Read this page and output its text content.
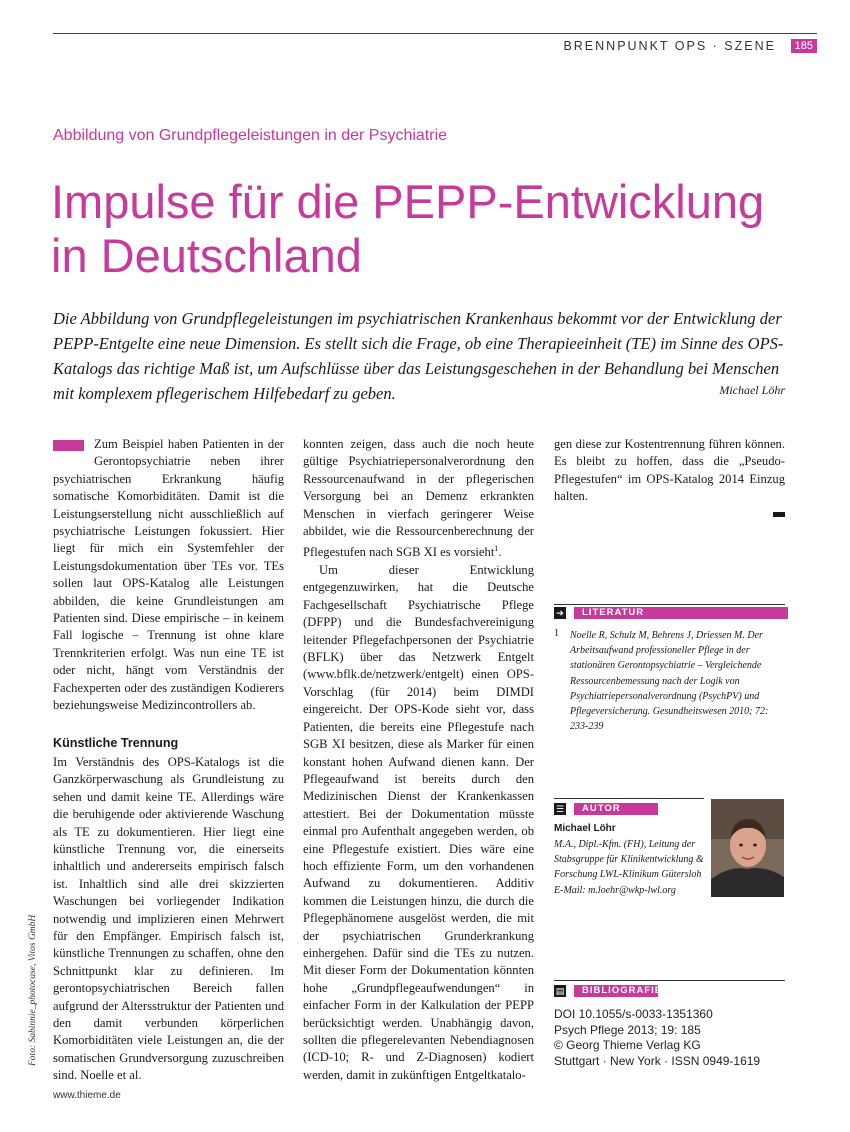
BRENNPUNKT OPS · SZENE	185
Abbildung von Grundpflegeleistungen in der Psychiatrie
Impulse für die PEPP-Entwicklung
in Deutschland
Die Abbildung von Grundpflegeleistungen im psychiatrischen Krankenhaus bekommt vor der Entwicklung der PEPP-Entgelte eine neue Dimension. Es stellt sich die Frage, ob eine Therapieeinheit (TE) im Sinne des OPS-Katalogs das richtige Maß ist, um Aufschlüsse über das Leistungsgeschehen in der Behandlung bei Menschen mit komplexem pflegerischem Hilfebedarf zu geben.	Michael Löhr

Zum Beispiel haben Patienten in der Gerontopsychiatrie neben ihrer psychiatrischen Erkrankung häufig somatische Komorbiditäten. Damit ist die Leistungserstellung nicht ausschließlich auf psychiatrische Leistungen fokussiert. Hier liegt für mich ein Systemfehler der Leistungsdokumentation über TEs vor. TEs sollen laut OPS-Katalog alle Leistungen abbilden, die keine Grundleistungen am Patienten sind. Diese empirische – in keinem Fall logische – Trennung ist ohne klare Trennkriterien erfolgt. Was nun eine TE ist oder nicht, hängt vom Verständnis der Fachexperten oder des zuständigen Kodierers beziehungsweise Medizincontrollers ab.

Künstliche Trennung

Im Verständnis des OPS-Katalogs ist die Ganzkörperwaschung als Grundleistung zu sehen und damit keine TE. Allerdings wäre die beruhigende oder aktivierende Waschung als TE zu dokumentieren. Hier liegt eine künstliche Trennung vor, die einerseits inhaltlich und andererseits empirisch falsch ist. Inhaltlich sind alle drei skizzierten Waschungen bei vorliegender Indikation notwendig und implizieren einen Mehrwert für den Empfänger. Empirisch falsch ist, künstliche Trennungen zu schaffen, ohne den Schnittpunkt klar zu definieren. Im gerontopsychiatrischen Bereich fallen aufgrund der Altersstruktur der Patienten und den damit verbunden körperlichen Komorbiditäten viele Leistungen an, die der somatischen Grundversorgung zuzuschreiben sind. Noelle et al.

konnten zeigen, dass auch die noch heute gültige Psychiatriepersonalverordnung den Ressourcenaufwand in der pflegerischen Versorgung bei an Demenz erkrankten Menschen in vierfach geringerer Weise abbildet, wie die Ressourcenberechnung der Pflegestufen nach SGB XI es vorsieht$^1$.

Um dieser Entwicklung entgegenzuwirken, hat die Deutsche Fachgesellschaft Psychiatrische Pflege (DFPP) und die Bundesfachvereinigung leitender Pflegefachpersonen der Psychiatrie (BFLK) über das Netzwerk Entgelt (www.bflk.de/netzwerk/entgelt) einen OPS-Vorschlag (für 2014) beim DIMDI eingereicht. Der OPS-Kode sieht vor, dass Patienten, die bereits eine Pflegestufe nach SGB XI besitzen, diese als Marker für einen konstant hohen Aufwand dienen kann. Der Pflegeaufwand ist bereits durch den Medizinischen Dienst der Krankenkassen attestiert. Bei der Dokumentation müsste einmal pro Aufenthalt angegeben werden, ob eine Pflegestufe existiert. Dies wäre eine hoch effiziente Form, um den vorhandenen Aufwand zu dokumentieren. Additiv kommen die Leistungen hinzu, die durch die Pflegephänomene ausgelöst werden, die mit der psychiatrischen Grunderkrankung einhergehen. Dafür sind die TEs zu nutzen. Mit dieser Form der Dokumentation könnten hohe „Grundpflegeaufwendungen“ in einfacher Form in der Kalkulation der PEPP berücksichtigt werden. Unabhängig davon, sollten die pflegerelevanten Nebendiagnosen (ICD-10; R- und Z-Diagnosen) kodiert werden, damit in zukünftigen Entgeltkatalo-

gen diese zur Kostentrennung führen können. Es bleibt zu hoffen, dass die „Pseudo-Pflegestufen“ im OPS-Katalog 2014 Einzug halten.

➔	LITERATUR
1 Noelle R, Schulz M, Behrens J, Driessen M. Der Arbeitsaufwand professioneller Pflege in der stationären Gerontopsychiatrie – Vergleichende Ressourcenbemessung nach der Logik von Psychiatriepersonalverordnung (PsychPV) und Pflegeversicherung. Gesundheitswesen 2010; 72: 233-239
☰	AUTOR
Michael Löhr
M.A., Dipl.-Kfm. (FH), Leitung der Stabsgruppe für Klinikentwicklung & Forschung LWL-Klinikum Gütersloh E-Mail: m.loehr@wkp-lwl.org
▤	BIBLIOGRAFIE
DOI 10.1055/s-0033-1351360
Psych Pflege 2013; 19: 185
© Georg Thieme Verlag KG
Stuttgart · New York · ISSN 0949-1619
Foto: Sabinnie_photocase, Vitos GmbH
www.thieme.de
